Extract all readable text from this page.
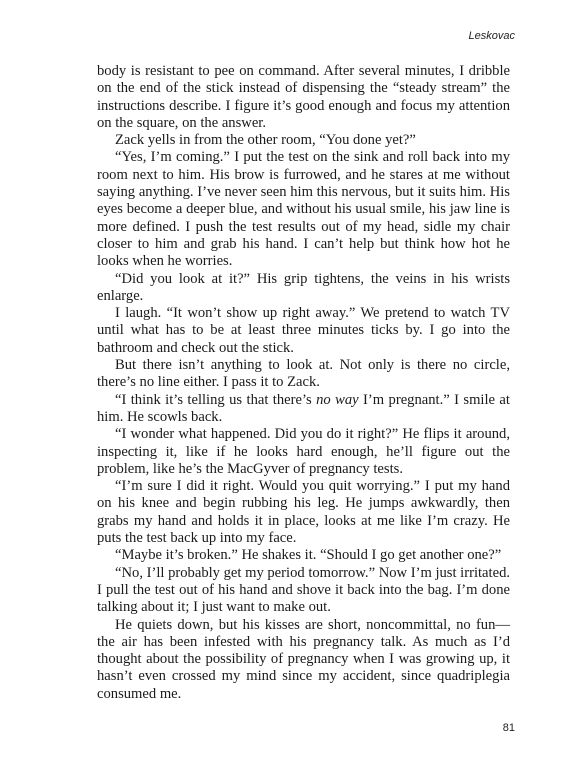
Leskovac

body is resistant to pee on command. After several minutes, I dribble on the end of the stick instead of dispensing the “steady stream” the instructions describe. I figure it’s good enough and focus my attention on the square, on the answer.

Zack yells in from the other room, “You done yet?”

“Yes, I’m coming.” I put the test on the sink and roll back into my room next to him. His brow is furrowed, and he stares at me without saying anything. I’ve never seen him this nervous, but it suits him. His eyes become a deeper blue, and without his usual smile, his jaw line is more defined. I push the test results out of my head, sidle my chair closer to him and grab his hand. I can’t help but think how hot he looks when he worries.

“Did you look at it?” His grip tightens, the veins in his wrists enlarge.

I laugh. “It won’t show up right away.” We pretend to watch TV until what has to be at least three minutes ticks by. I go into the bathroom and check out the stick.

But there isn’t anything to look at. Not only is there no circle, there’s no line either. I pass it to Zack.

“I think it’s telling us that there’s no way I’m pregnant.” I smile at him. He scowls back.

“I wonder what happened. Did you do it right?” He flips it around, inspecting it, like if he looks hard enough, he’ll figure out the problem, like he’s the MacGyver of pregnancy tests.

“I’m sure I did it right. Would you quit worrying.” I put my hand on his knee and begin rubbing his leg. He jumps awkwardly, then grabs my hand and holds it in place, looks at me like I’m crazy. He puts the test back up into my face.

“Maybe it’s broken.” He shakes it. “Should I go get another one?”

“No, I’ll probably get my period tomorrow.” Now I’m just irritated. I pull the test out of his hand and shove it back into the bag. I’m done talking about it; I just want to make out.

He quiets down, but his kisses are short, noncommittal, no fun—the air has been infested with his pregnancy talk. As much as I’d thought about the possibility of pregnancy when I was growing up, it hasn’t even crossed my mind since my accident, since quadriplegia consumed me.

81
